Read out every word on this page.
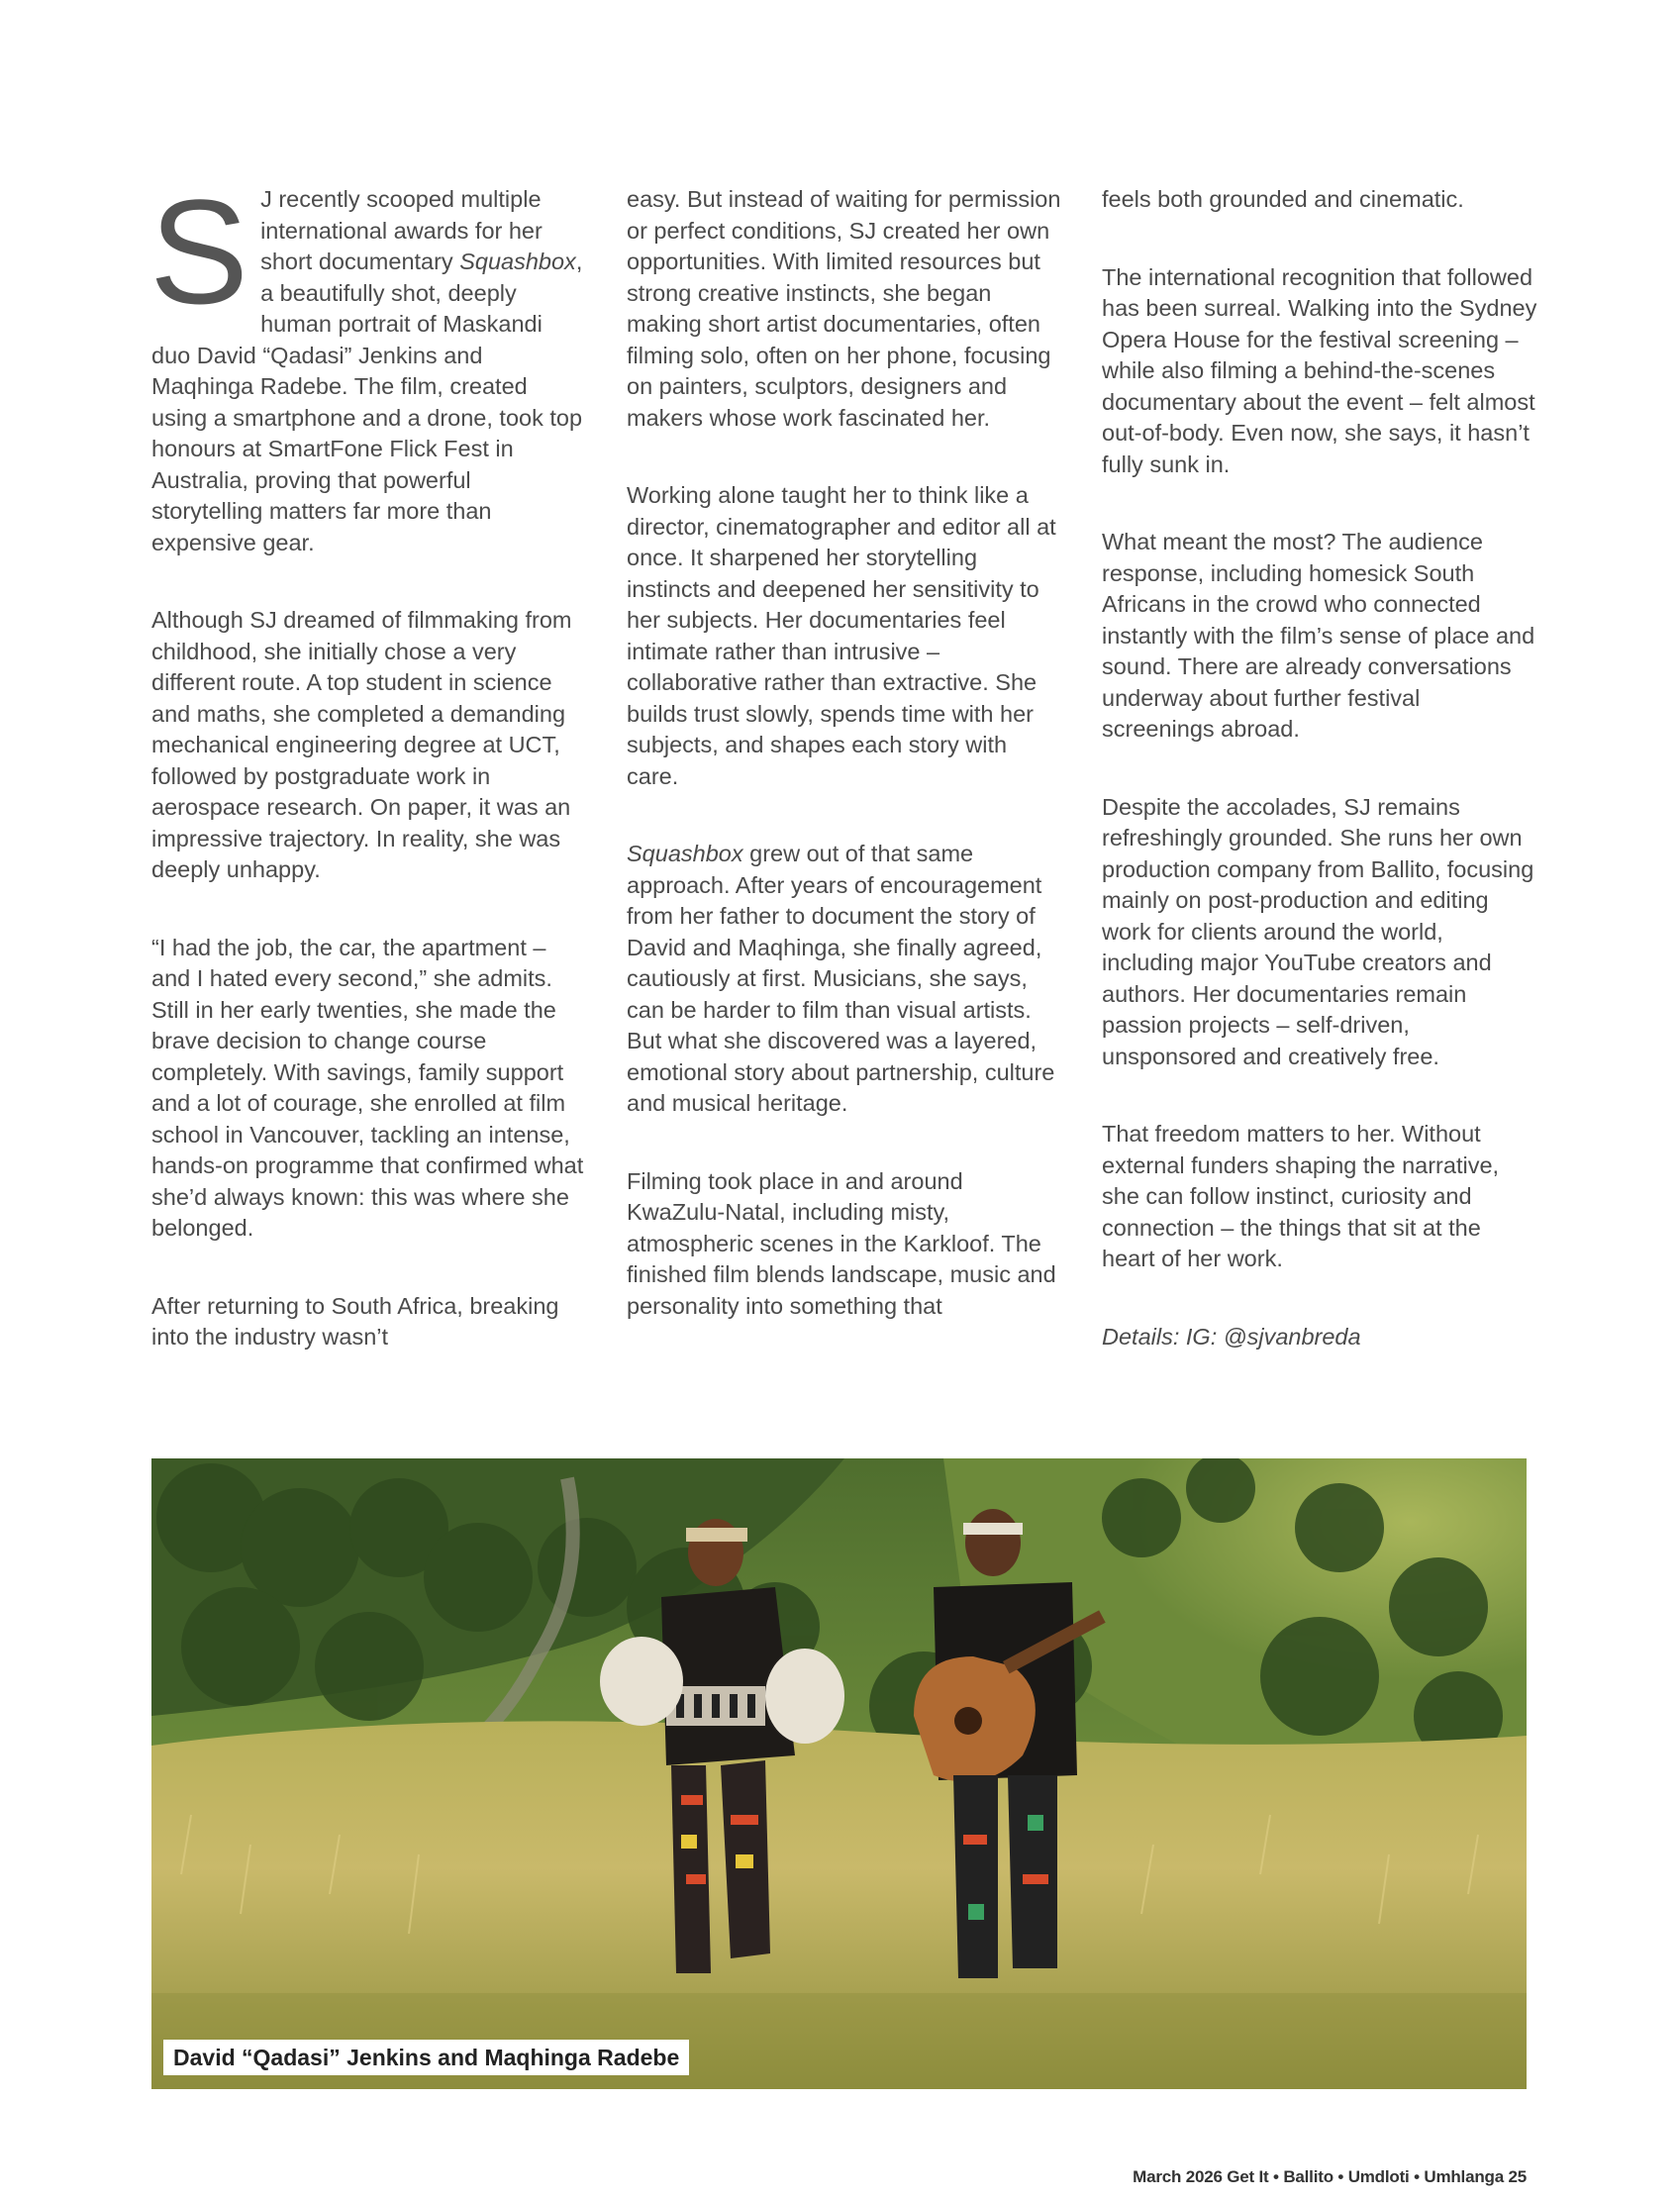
S J recently scooped multiple international awards for her short documentary Squashbox, a beautifully shot, deeply human portrait of Maskandi duo David “Qadasi” Jenkins and Maqhinga Radebe. The film, created using a smartphone and a drone, took top honours at SmartFone Flick Fest in Australia, proving that powerful storytelling matters far more than expensive gear.

Although SJ dreamed of filmmaking from childhood, she initially chose a very different route. A top student in science and maths, she completed a demanding mechanical engineering degree at UCT, followed by postgraduate work in aerospace research. On paper, it was an impressive trajectory. In reality, she was deeply unhappy.

“I had the job, the car, the apartment – and I hated every second,” she admits. Still in her early twenties, she made the brave decision to change course completely. With savings, family support and a lot of courage, she enrolled at film school in Vancouver, tackling an intense, hands-on programme that confirmed what she’d always known: this was where she belonged.

After returning to South Africa, breaking into the industry wasn’t

easy. But instead of waiting for permission or perfect conditions, SJ created her own opportunities. With limited resources but strong creative instincts, she began making short artist documentaries, often filming solo, often on her phone, focusing on painters, sculptors, designers and makers whose work fascinated her.

Working alone taught her to think like a director, cinematographer and editor all at once. It sharpened her storytelling instincts and deepened her sensitivity to her subjects. Her documentaries feel intimate rather than intrusive – collaborative rather than extractive. She builds trust slowly, spends time with her subjects, and shapes each story with care.

Squashbox grew out of that same approach. After years of encouragement from her father to document the story of David and Maqhinga, she finally agreed, cautiously at first. Musicians, she says, can be harder to film than visual artists. But what she discovered was a layered, emotional story about partnership, culture and musical heritage.

Filming took place in and around KwaZulu-Natal, including misty, atmospheric scenes in the Karkloof. The finished film blends landscape, music and personality into something that

feels both grounded and cinematic.

The international recognition that followed has been surreal. Walking into the Sydney Opera House for the festival screening – while also filming a behind-the-scenes documentary about the event – felt almost out-of-body. Even now, she says, it hasn’t fully sunk in.

What meant the most? The audience response, including homesick South Africans in the crowd who connected instantly with the film’s sense of place and sound. There are already conversations underway about further festival screenings abroad.

Despite the accolades, SJ remains refreshingly grounded. She runs her own production company from Ballito, focusing mainly on post-production and editing work for clients around the world, including major YouTube creators and authors. Her documentaries remain passion projects – self-driven, unsponsored and creatively free.

That freedom matters to her. Without external funders shaping the narrative, she can follow instinct, curiosity and connection – the things that sit at the heart of her work.

Details: IG: @sjvanbreda

David “Qadasi” Jenkins and Maqhinga Radebe
March 2026 Get It • Ballito • Umdloti • Umhlanga 25
